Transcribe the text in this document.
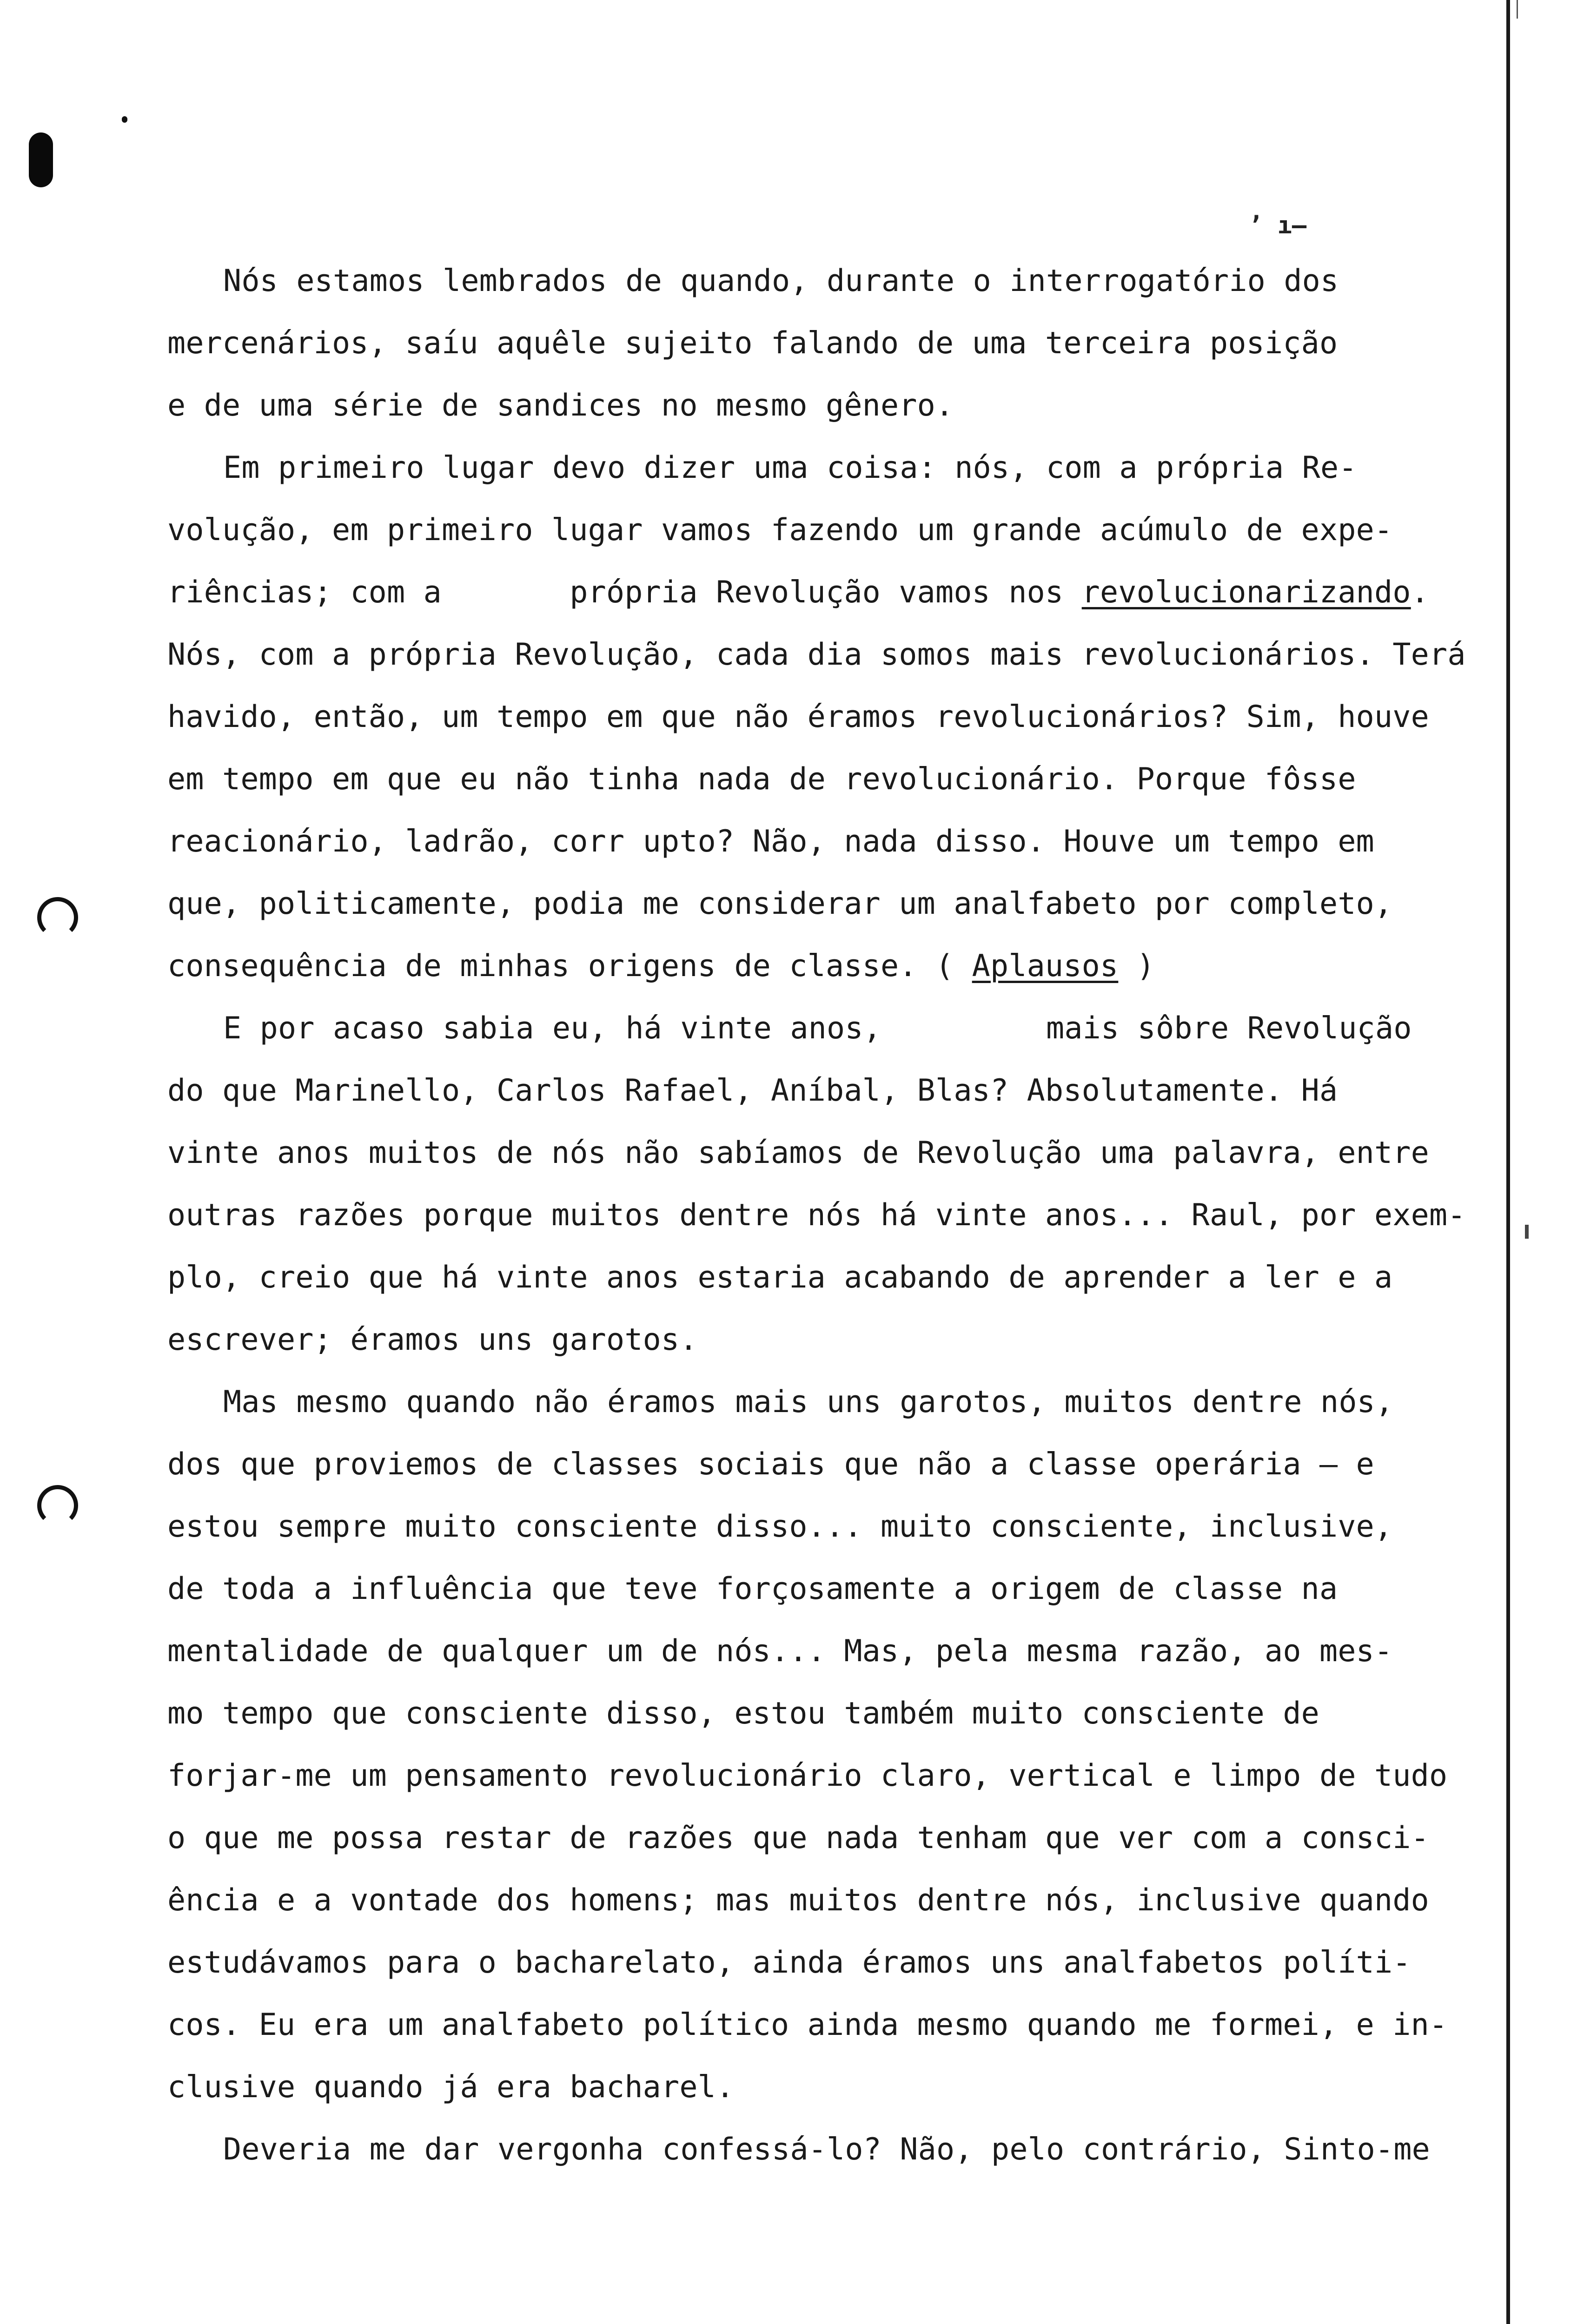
’ ı—
Nós estamos lembrados de quando, durante o interrogatório dos
mercenários, saíu aquêle sujeito falando de uma terceira posição
e de uma série de sandices no mesmo gênero.
Em primeiro lugar devo dizer uma coisa: nós, com a própria Re-
volução, em primeiro lugar vamos fazendo um grande acúmulo de expe-
riências; com a       própria Revolução vamos nos revolucionarizando.
Nós, com a própria Revolução, cada dia somos mais revolucionários. Terá
havido, então, um tempo em que não éramos revolucionários? Sim, houve
em tempo em que eu não tinha nada de revolucionário. Porque fôsse
reacionário, ladrão, corr upto? Não, nada disso. Houve um tempo em
que, politicamente, podia me considerar um analfabeto por completo,
consequência de minhas origens de classe. ( Aplausos )
E por acaso sabia eu, há vinte anos,         mais sôbre Revolução
do que Marinello, Carlos Rafael, Aníbal, Blas? Absolutamente. Há
vinte anos muitos de nós não sabíamos de Revolução uma palavra, entre
outras razões porque muitos dentre nós há vinte anos... Raul, por exem-
plo, creio que há vinte anos estaria acabando de aprender a ler e a
escrever; éramos uns garotos.
Mas mesmo quando não éramos mais uns garotos, muitos dentre nós,
dos que proviemos de classes sociais que não a classe operária — e
estou sempre muito consciente disso... muito consciente, inclusive,
de toda a influência que teve forçosamente a origem de classe na
mentalidade de qualquer um de nós... Mas, pela mesma razão, ao mes-
mo tempo que consciente disso, estou também muito consciente de
forjar-me um pensamento revolucionário claro, vertical e limpo de tudo
o que me possa restar de razões que nada tenham que ver com a consci-
ência e a vontade dos homens; mas muitos dentre nós, inclusive quando
estudávamos para o bacharelato, ainda éramos uns analfabetos políti-
cos. Eu era um analfabeto político ainda mesmo quando me formei, e in-
clusive quando já era bacharel.
Deveria me dar vergonha confessá-lo? Não, pelo contrário, Sinto-me
